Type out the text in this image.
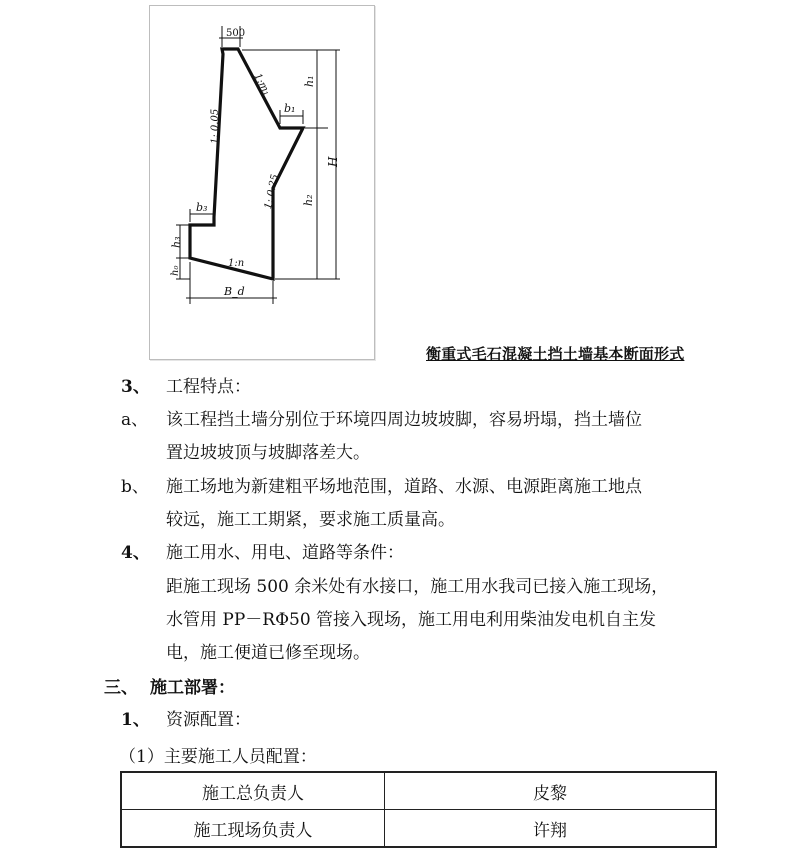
500
h₁
h₂
H
1:m₁
1: 0.05
1: 0.25
b₁
b₃
h₃
h₀
1:n
B_d
衡重式毛石混凝土挡土墙基本断面形式
3、 工程特点：
a、 该工程挡土墙分别位于环境四周边坡坡脚，容易坍塌，挡土墙位
置边坡坡顶与坡脚落差大。
b、 施工场地为新建粗平场地范围，道路、水源、电源距离施工地点
较远，施工工期紧，要求施工质量高。
4、 施工用水、用电、道路等条件：
距施工现场 500 余米处有水接口，施工用水我司已接入施工现场，
水管用 PP－RΦ50 管接入现场，施工用电利用柴油发电机自主发
电，施工便道已修至现场。
三、 施工部署：
1、 资源配置：
（1）主要施工人员配置：
施工总负责人	皮黎
施工现场负责人	许翔
